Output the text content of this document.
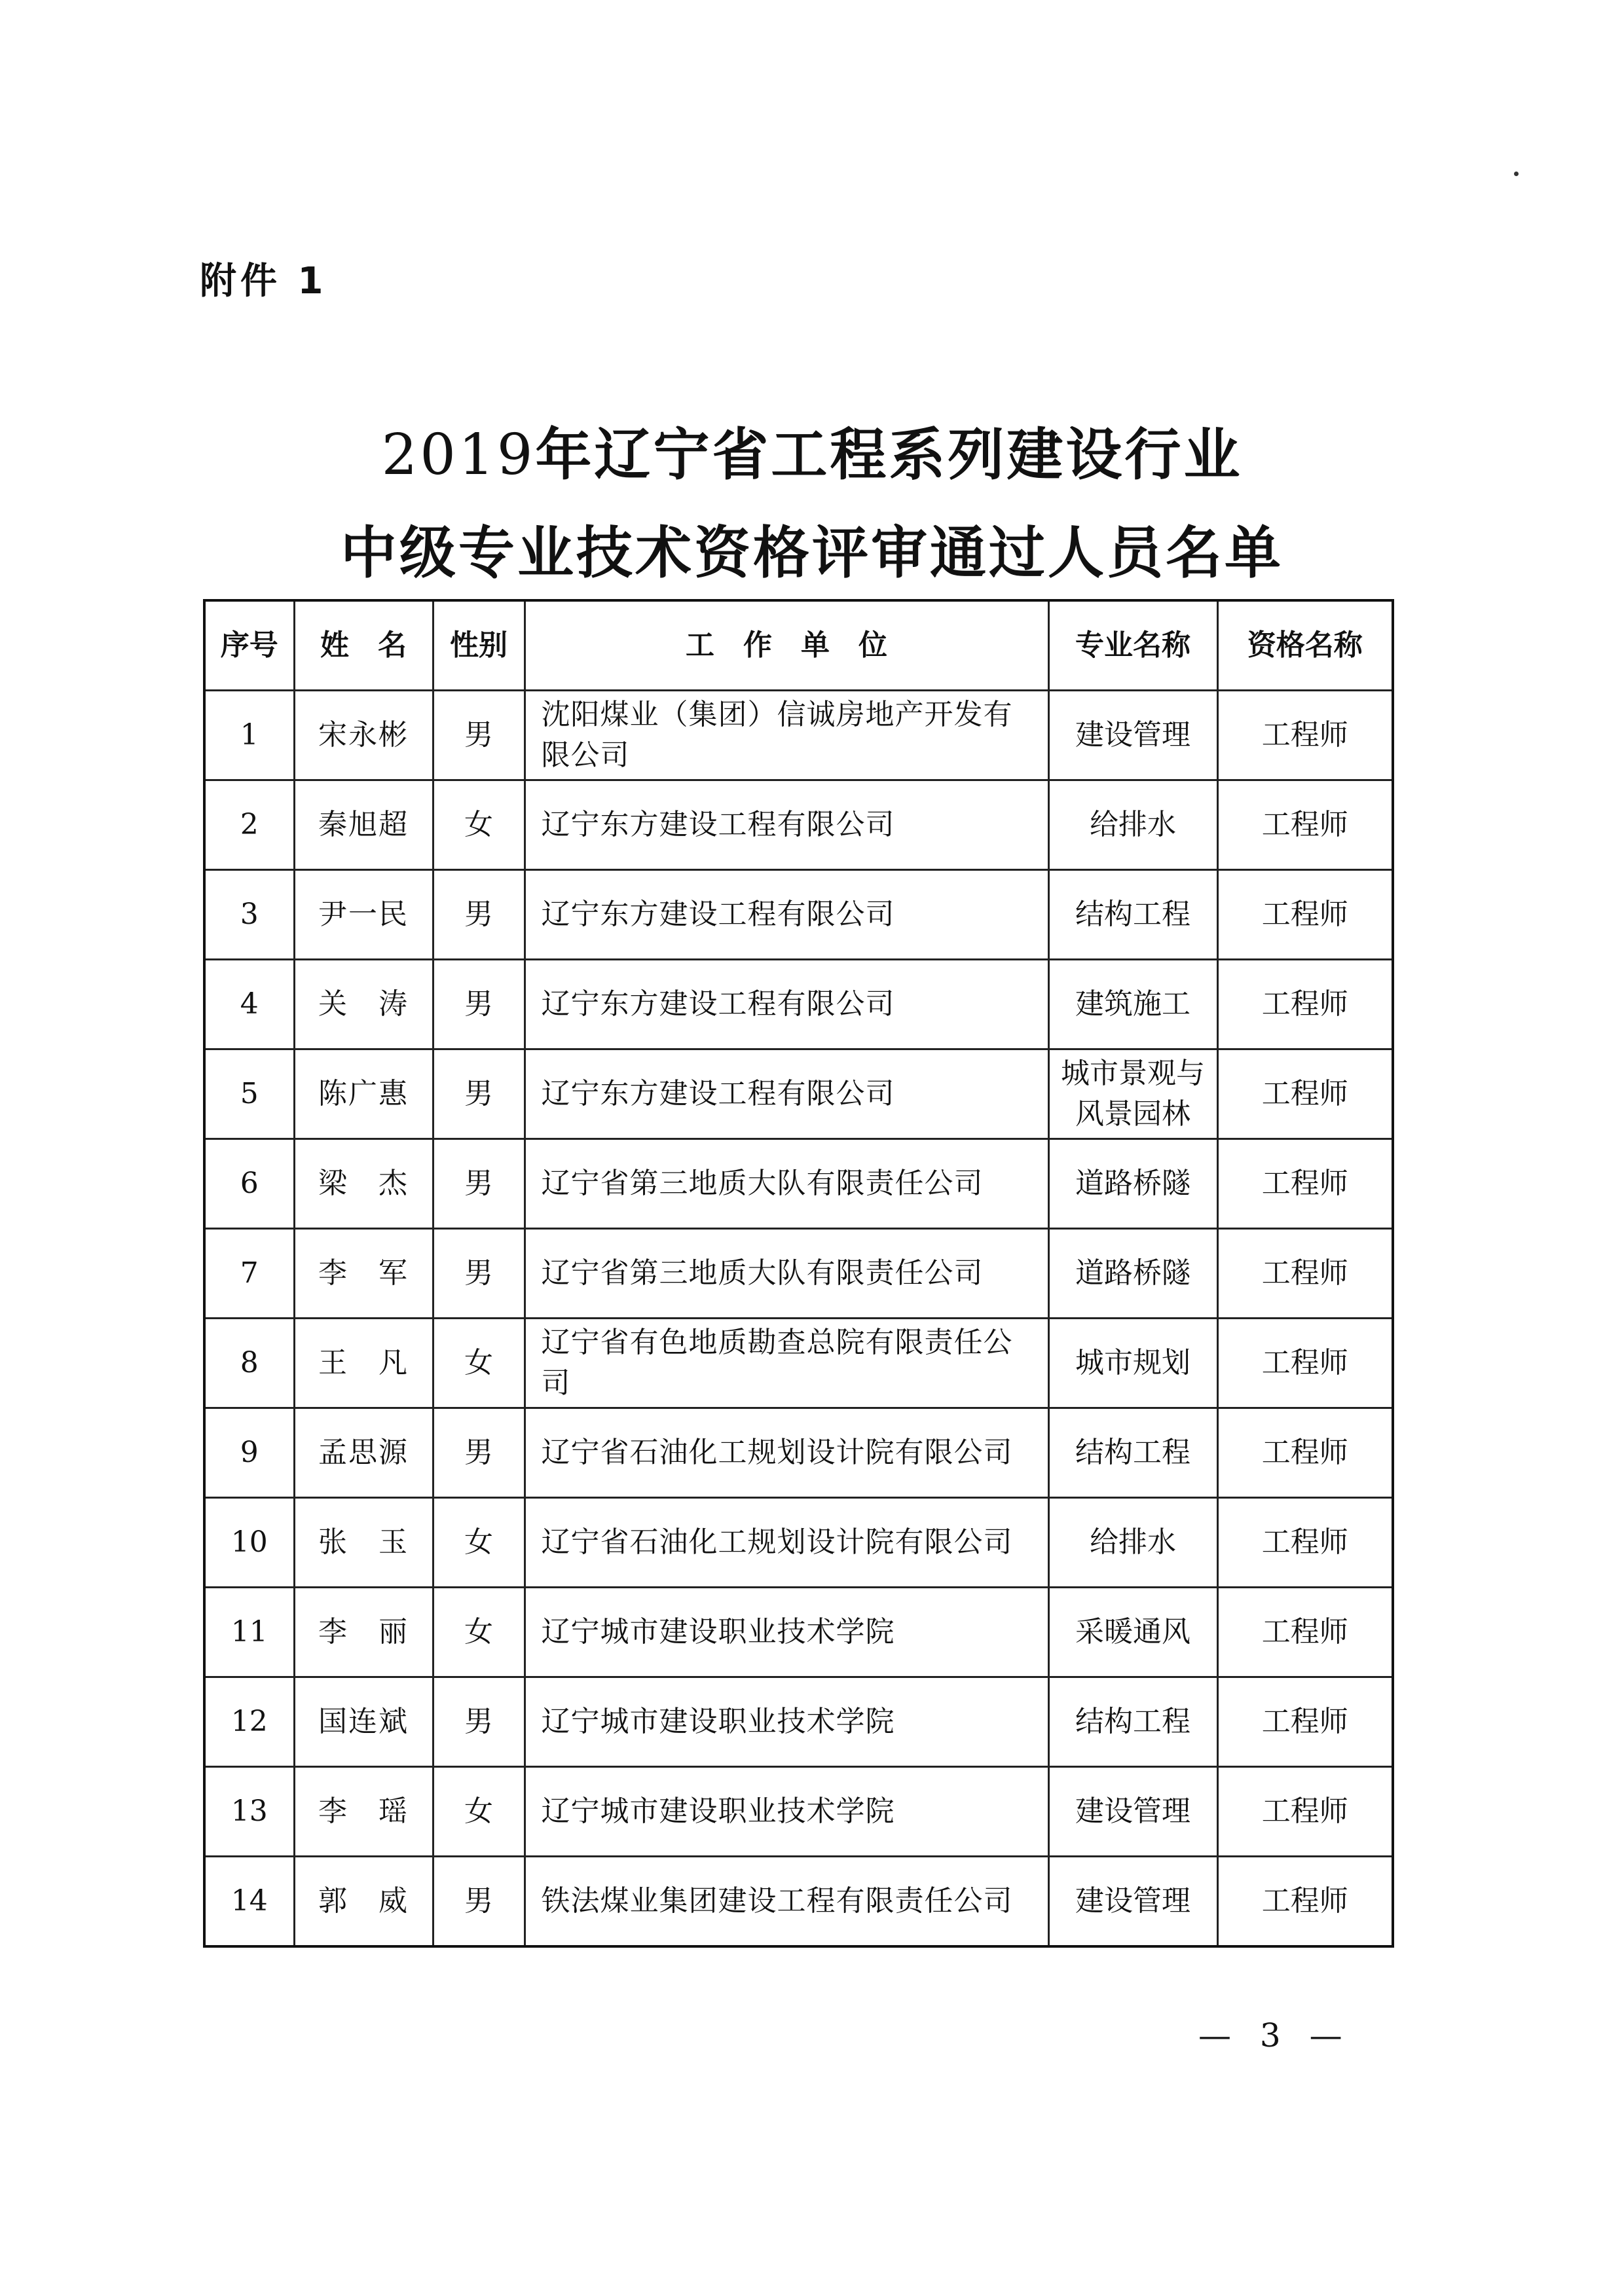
附件 1
2019年辽宁省工程系列建设行业
中级专业技术资格评审通过人员名单
序号	姓　名	性别	工　作　单　位	专业名称	资格名称
1	宋永彬	男	沈阳煤业（集团）信诚房地产开发有限公司	建设管理	工程师
2	秦旭超	女	辽宁东方建设工程有限公司	给排水	工程师
3	尹一民	男	辽宁东方建设工程有限公司	结构工程	工程师
4	关　涛	男	辽宁东方建设工程有限公司	建筑施工	工程师
5	陈广惠	男	辽宁东方建设工程有限公司	城市景观与风景园林	工程师
6	梁　杰	男	辽宁省第三地质大队有限责任公司	道路桥隧	工程师
7	李　军	男	辽宁省第三地质大队有限责任公司	道路桥隧	工程师
8	王　凡	女	辽宁省有色地质勘查总院有限责任公司	城市规划	工程师
9	孟思源	男	辽宁省石油化工规划设计院有限公司	结构工程	工程师
10	张　玉	女	辽宁省石油化工规划设计院有限公司	给排水	工程师
11	李　丽	女	辽宁城市建设职业技术学院	采暖通风	工程师
12	国连斌	男	辽宁城市建设职业技术学院	结构工程	工程师
13	李　瑶	女	辽宁城市建设职业技术学院	建设管理	工程师
14	郭　威	男	铁法煤业集团建设工程有限责任公司	建设管理	工程师
— 3 —
